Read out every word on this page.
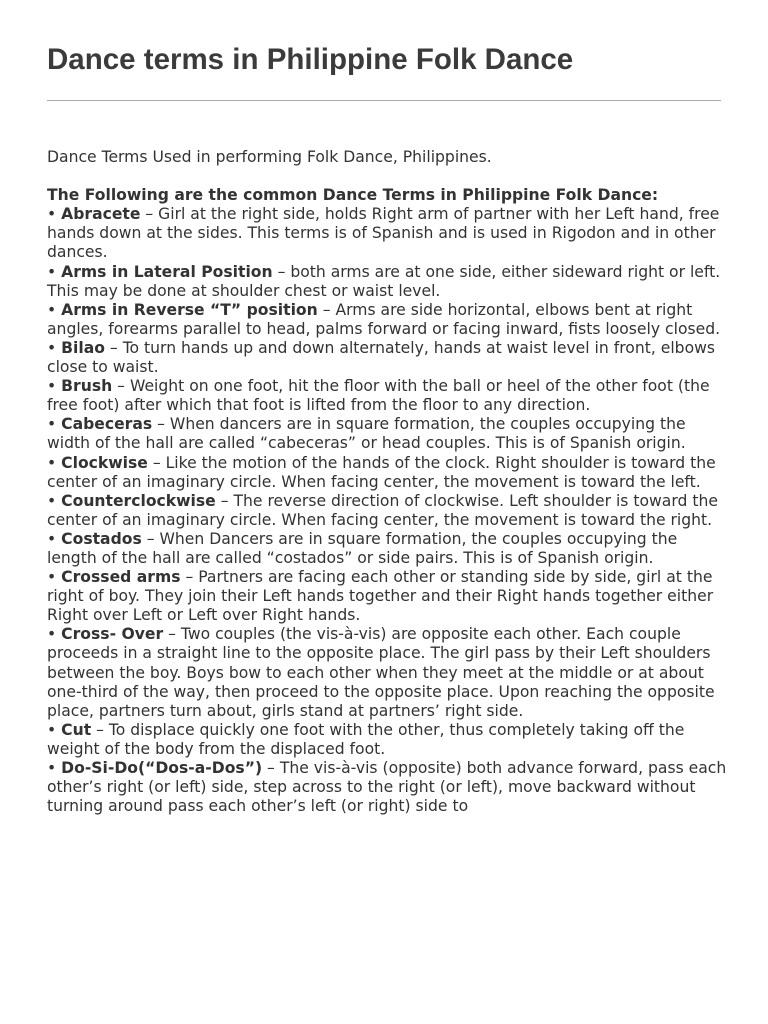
Dance terms in Philippine Folk Dance

Dance Terms Used in performing Folk Dance, Philippines.

The Following are the common Dance Terms in Philippine Folk Dance:

• Abracete – Girl at the right side, holds Right arm of partner with her Left hand, free hands down at the sides. This terms is of Spanish and is used in Rigodon and in other dances.
• Arms in Lateral Position – both arms are at one side, either sideward right or left. This may be done at shoulder chest or waist level.
• Arms in Reverse “T” position – Arms are side horizontal, elbows bent at right angles, forearms parallel to head, palms forward or facing inward, fists loosely closed.
• Bilao – To turn hands up and down alternately, hands at waist level in front, elbows close to waist.
• Brush – Weight on one foot, hit the floor with the ball or heel of the other foot (the free foot) after which that foot is lifted from the floor to any direction.
• Cabeceras – When dancers are in square formation, the couples occupying the width of the hall are called “cabeceras” or head couples. This is of Spanish origin.
• Clockwise – Like the motion of the hands of the clock. Right shoulder is toward the center of an imaginary circle. When facing center, the movement is toward the left.
• Counterclockwise – The reverse direction of clockwise. Left shoulder is toward the center of an imaginary circle. When facing center, the movement is toward the right.
• Costados – When Dancers are in square formation, the couples occupying the length of the hall are called “costados” or side pairs. This is of Spanish origin.
• Crossed arms – Partners are facing each other or standing side by side, girl at the right of boy. They join their Left hands together and their Right hands together either Right over Left or Left over Right hands.
• Cross- Over – Two couples (the vis-à-vis) are opposite each other. Each couple proceeds in a straight line to the opposite place. The girl pass by their Left shoulders between the boy. Boys bow to each other when they meet at the middle or at about one-third of the way, then proceed to the opposite place. Upon reaching the opposite place, partners turn about, girls stand at partners’ right side.
• Cut – To displace quickly one foot with the other, thus completely taking off the weight of the body from the displaced foot.
• Do-Si-Do(“Dos-a-Dos”) – The vis-à-vis (opposite) both advance forward, pass each other’s right (or left) side, step across to the right (or left), move backward without turning around pass each other’s left (or right) side to
